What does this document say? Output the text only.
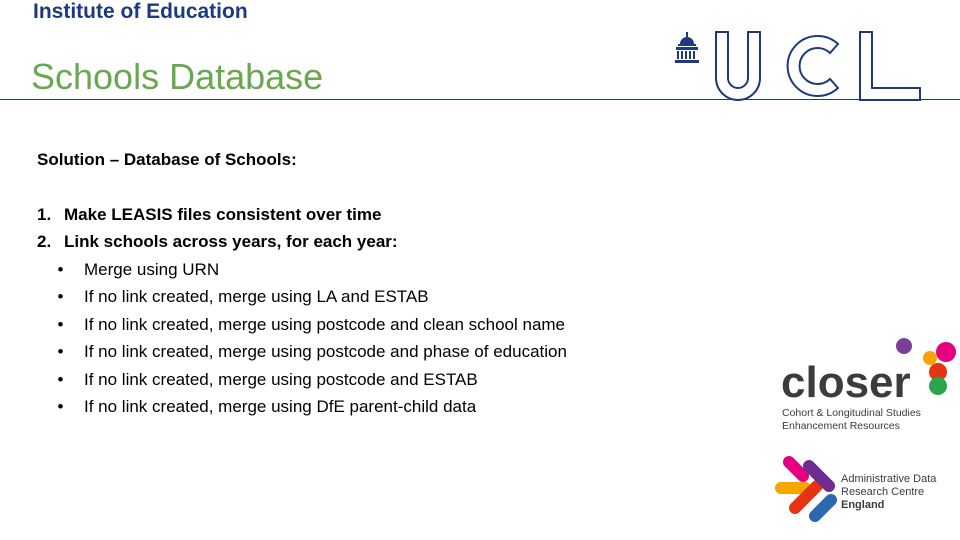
Institute of Education
Schools Database
UCL
Solution – Database of Schools:
1. Make LEASIS files consistent over time
2. Link schools across years, for each year:
• Merge using URN
• If no link created, merge using LA and ESTAB
• If no link created, merge using postcode and clean school name
• If no link created, merge using postcode and phase of education
• If no link created, merge using postcode and ESTAB
• If no link created, merge using DfE parent-child data	closer
Cohort & Longitudinal Studies
Enhancement Resources
Administrative Data
Research Centre
England
